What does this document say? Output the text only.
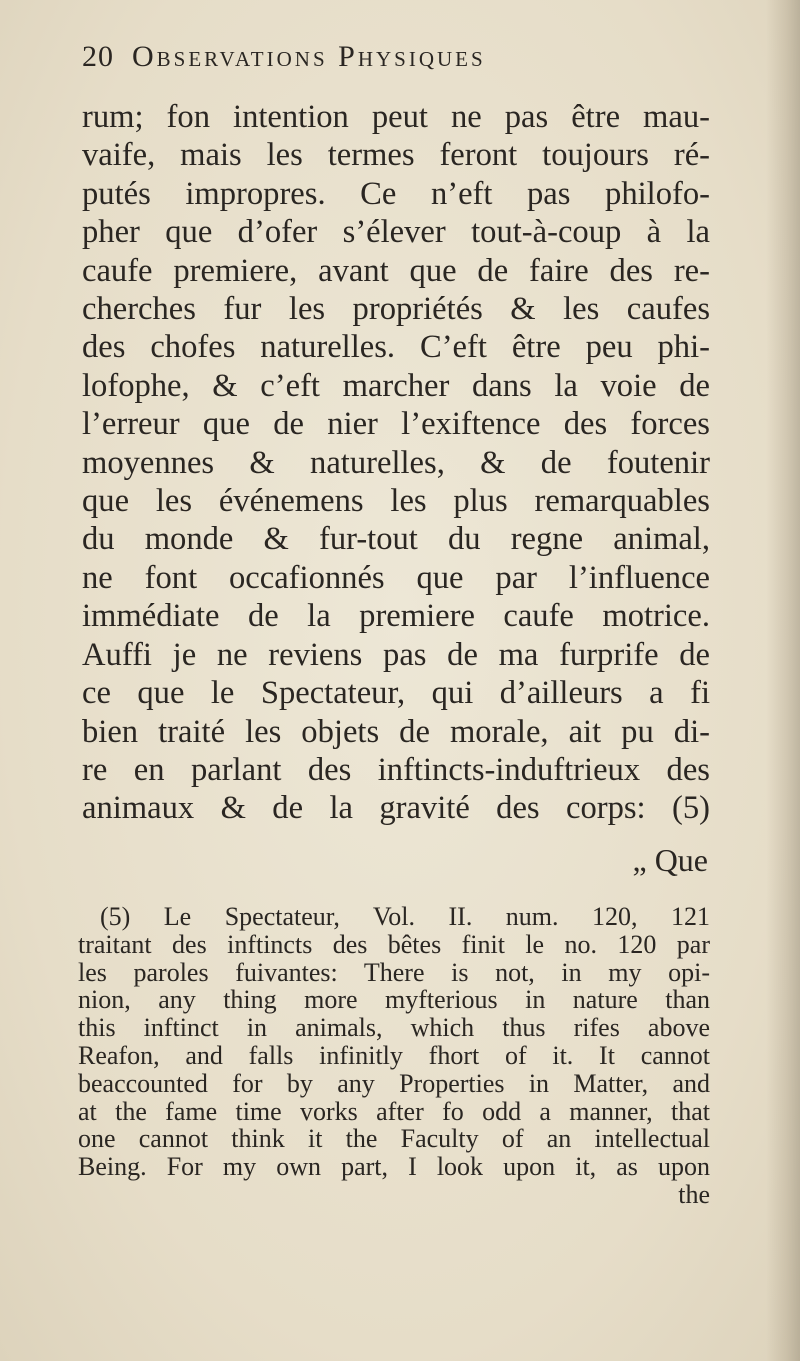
20 Observations Physiques
rum; fon intention peut ne pas être mau-
vaife, mais les termes feront toujours ré-
putés impropres. Ce n’eft pas philofo-
pher que d’ofer s’élever tout-à-coup à la
caufe premiere, avant que de faire des re-
cherches fur les propriétés & les caufes
des chofes naturelles. C’eft être peu phi-
lofophe, & c’eft marcher dans la voie de
l’erreur que de nier l’exiftence des forces
moyennes & naturelles, & de foutenir
que les événemens les plus remarquables
du monde & fur-tout du regne animal,
ne font occafionnés que par l’influence
immédiate de la premiere caufe motrice.
Auffi je ne reviens pas de ma furprife de
ce que le Spectateur, qui d’ailleurs a fi
bien traité les objets de morale, ait pu di-
re en parlant des inftincts-induftrieux des
animaux & de la gravité des corps: (5)
„ Que
(5) Le Spectateur, Vol. II. num. 120, 121
traitant des inftincts des bêtes finit le no. 120 par
les paroles fuivantes: There is not, in my opi-
nion, any thing more myfterious in nature than
this inftinct in animals, which thus rifes above
Reafon, and falls infinitly fhort of it. It cannot
beaccounted for by any Properties in Matter, and
at the fame time vorks after fo odd a manner, that
one cannot think it the Faculty of an intellectual
Being. For my own part, I look upon it, as upon
the
